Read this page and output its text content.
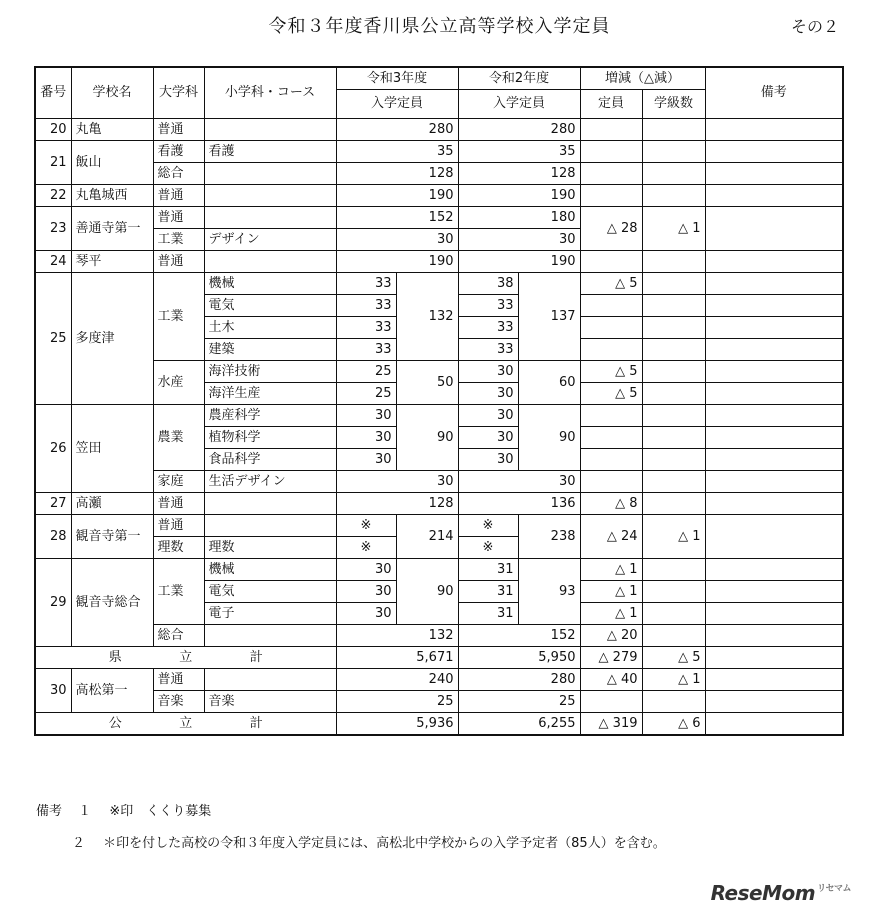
令和３年度香川県公立高等学校入学定員	その２
番号	学校名	大学科	小学科・コース	令和3年度		令和2年度		増減（△減）		備考
				入学定員		入学定員		定員	学級数	
20	丸亀	普通		280		280				
21	飯山	看護	看護	35		35				
		総合		128		128				
22	丸亀城西	普通		190		190				
23	善通寺第一	普通		152		180		△ 28	△ 1	
		工業	デザイン	30		30				
24	琴平	普通		190		190				
25	多度津	工業	機械	33	132	38	137	△ 5		
			電気	33		33				
			土木	33		33				
			建築	33		33				
		水産	海洋技術	25	50	30	60	△ 5		
			海洋生産	25		30		△ 5		
26	笠田	農業	農産科学	30	90	30	90			
			植物科学	30		30				
			食品科学	30		30				
		家庭	生活デザイン	30		30				
27	高瀬	普通		128		136		△ 8		
28	観音寺第一	普通		※	214	※	238	△ 24	△ 1	
		理数	理数	※		※				
29	観音寺総合	工業	機械	30	90	31	93	△ 1		
			電気	30		31		△ 1		
			電子	30		31		△ 1		
		総合		132		152		△ 20		

県 立 計				5,671		5,950		△ 279	△ 5	
30	高松第一	普通		240		280		△ 40	△ 1	
		音楽	音楽	25		25				

公 立 計				5,936		6,255		△ 319	△ 6	
備考 １ ※印　くくり募集
２ ＊印を付した高校の令和３年度入学定員には、高松北中学校からの入学予定者（85人）を含む。
ReseMom $^{リセマム}$
